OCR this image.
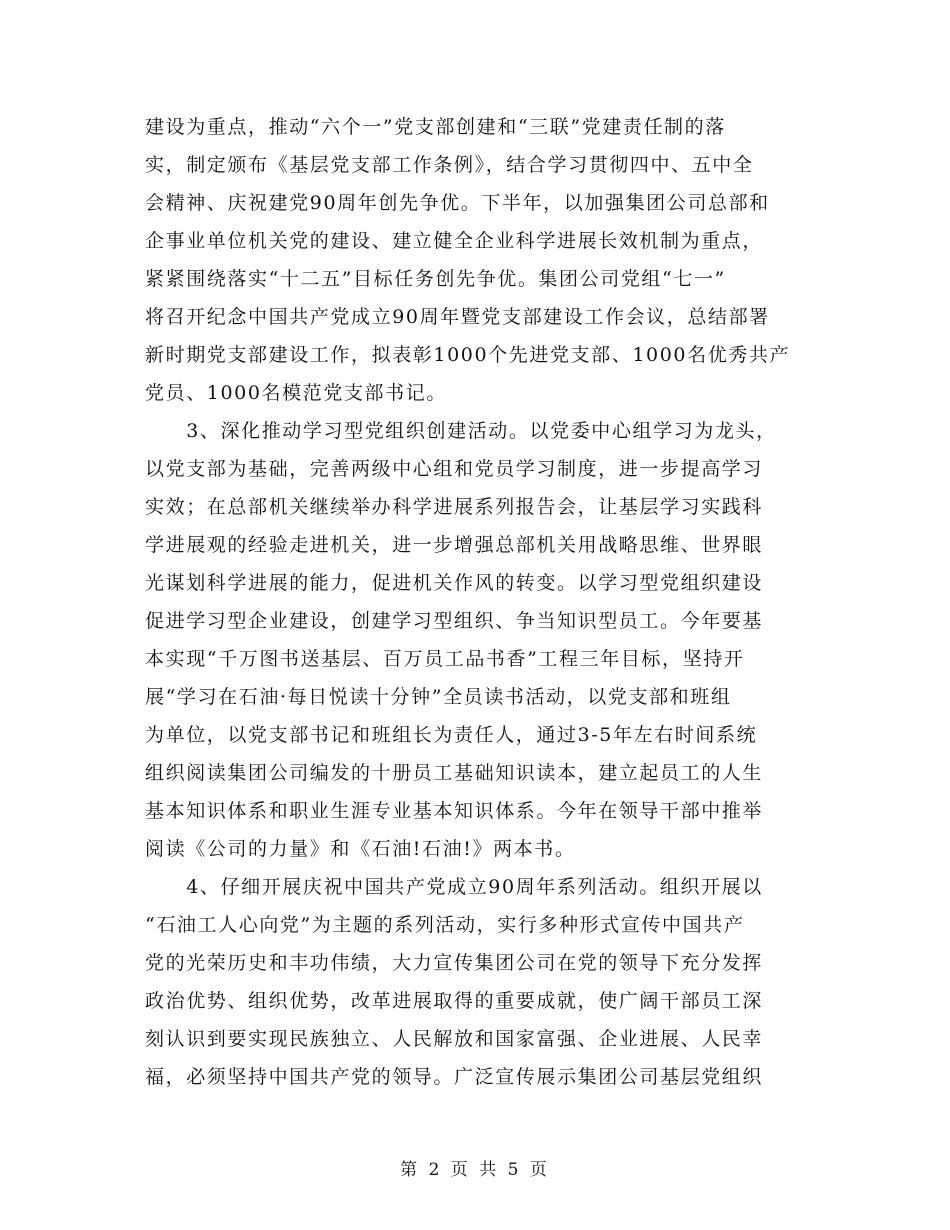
建设为重点，推动“六个一”党支部创建和“三联”党建责任制的落
实，制定颁布《基层党支部工作条例》，结合学习贯彻四中、五中全
会精神、庆祝建党90周年创先争优。下半年，以加强集团公司总部和
企事业单位机关党的建设、建立健全企业科学进展长效机制为重点，
紧紧围绕落实“十二五”目标任务创先争优。集团公司党组“七一”
将召开纪念中国共产党成立90周年暨党支部建设工作会议，总结部署
新时期党支部建设工作，拟表彰1000个先进党支部、1000名优秀共产
党员、1000名模范党支部书记。
　　3、深化推动学习型党组织创建活动。以党委中心组学习为龙头，
以党支部为基础，完善两级中心组和党员学习制度，进一步提高学习
实效；在总部机关继续举办科学进展系列报告会，让基层学习实践科
学进展观的经验走进机关，进一步增强总部机关用战略思维、世界眼
光谋划科学进展的能力，促进机关作风的转变。以学习型党组织建设
促进学习型企业建设，创建学习型组织、争当知识型员工。今年要基
本实现“千万图书送基层、百万员工品书香”工程三年目标，坚持开
展“学习在石油·每日悦读十分钟”全员读书活动，以党支部和班组
为单位，以党支部书记和班组长为责任人，通过3-5年左右时间系统
组织阅读集团公司编发的十册员工基础知识读本，建立起员工的人生
基本知识体系和职业生涯专业基本知识体系。今年在领导干部中推举
阅读《公司的力量》和《石油!石油!》两本书。
　　4、仔细开展庆祝中国共产党成立90周年系列活动。组织开展以
“石油工人心向党”为主题的系列活动，实行多种形式宣传中国共产
党的光荣历史和丰功伟绩，大力宣传集团公司在党的领导下充分发挥
政治优势、组织优势，改革进展取得的重要成就，使广阔干部员工深
刻认识到要实现民族独立、人民解放和国家富强、企业进展、人民幸
福，必须坚持中国共产党的领导。广泛宣传展示集团公司基层党组织
第 2 页 共 5 页
